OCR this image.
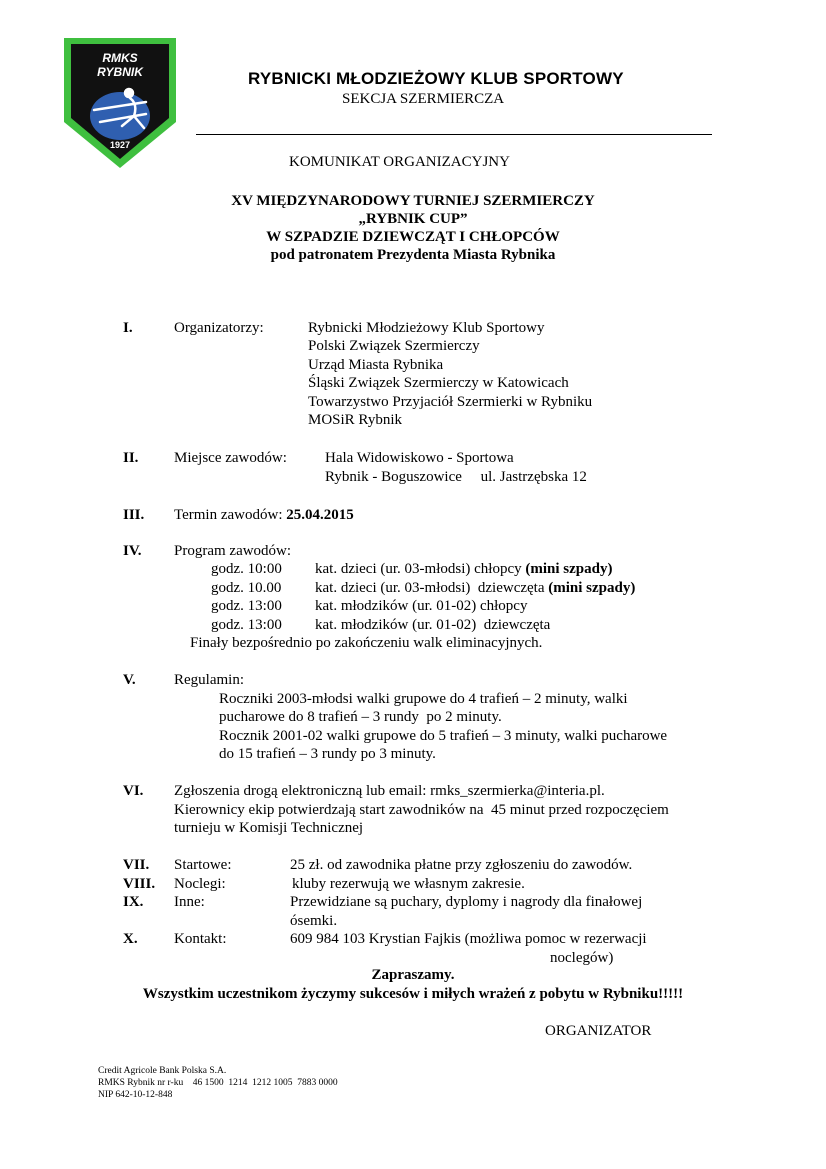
RMKS
RYBNIK
1927
RYBNICKI MŁODZIEŻOWY KLUB SPORTOWY
SEKCJA SZERMIERCZA
KOMUNIKAT ORGANIZACYJNY
XV MIĘDZYNARODOWY TURNIEJ SZERMIERCZY
„RYBNIK CUP”
W SZPADZIE DZIEWCZĄT I CHŁOPCÓW
pod patronatem Prezydenta Miasta Rybnika
I.	Organizatorzy:	Rybnicki Młodzieżowy Klub Sportowy
Polski Związek Szermierczy
Urząd Miasta Rybnika
Śląski Związek Szermierczy w Katowicach
Towarzystwo Przyjaciół Szermierki w Rybniku
MOSiR Rybnik
II. Miejsce zawodów:	Hala Widowiskowo - Sportowa
Rybnik - Boguszowice     ul. Jastrzębska 12
III. Termin zawodów: 25.04.2015
IV. Program zawodów:
godz. 10:00 kat. dzieci (ur. 03-młodsi) chłopcy (mini szpady)
godz. 10.00 kat. dzieci (ur. 03-młodsi)  dziewczęta (mini szpady)
godz. 13:00 kat. młodzików (ur. 01-02) chłopcy
godz. 13:00 kat. młodzików (ur. 01-02)  dziewczęta
Finały bezpośrednio po zakończeniu walk eliminacyjnych.
V.	Regulamin:
Roczniki 2003-młodsi walki grupowe do 4 trafień – 2 minuty, walki
pucharowe do 8 trafień – 3 rundy  po 2 minuty.
Rocznik 2001-02 walki grupowe do 5 trafień – 3 minuty, walki pucharowe
do 15 trafień – 3 rundy po 3 minuty.
VI. Zgłoszenia drogą elektroniczną lub email: rmks_szermierka@interia.pl.
Kierownicy ekip potwierdzają start zawodników na  45 minut przed rozpoczęciem
turnieju w Komisji Technicznej
VII. Startowe:	25 zł. od zawodnika płatne przy zgłoszeniu do zawodów.
VIII. Noclegi:	kluby rezerwują we własnym zakresie.
IX. Inne:	Przewidziane są puchary, dyplomy i nagrody dla finałowej
ósemki.
X. Kontakt:	609 984 103 Krystian Fajkis (możliwa pomoc w rezerwacji
noclegów)
Zapraszamy.
Wszystkim uczestnikom życzymy sukcesów i miłych wrażeń z pobytu w Rybniku!!!!!
ORGANIZATOR
Credit Agricole Bank Polska S.A.
RMKS Rybnik nr r-ku    46 1500  1214  1212 1005  7883 0000
NIP 642-10-12-848
